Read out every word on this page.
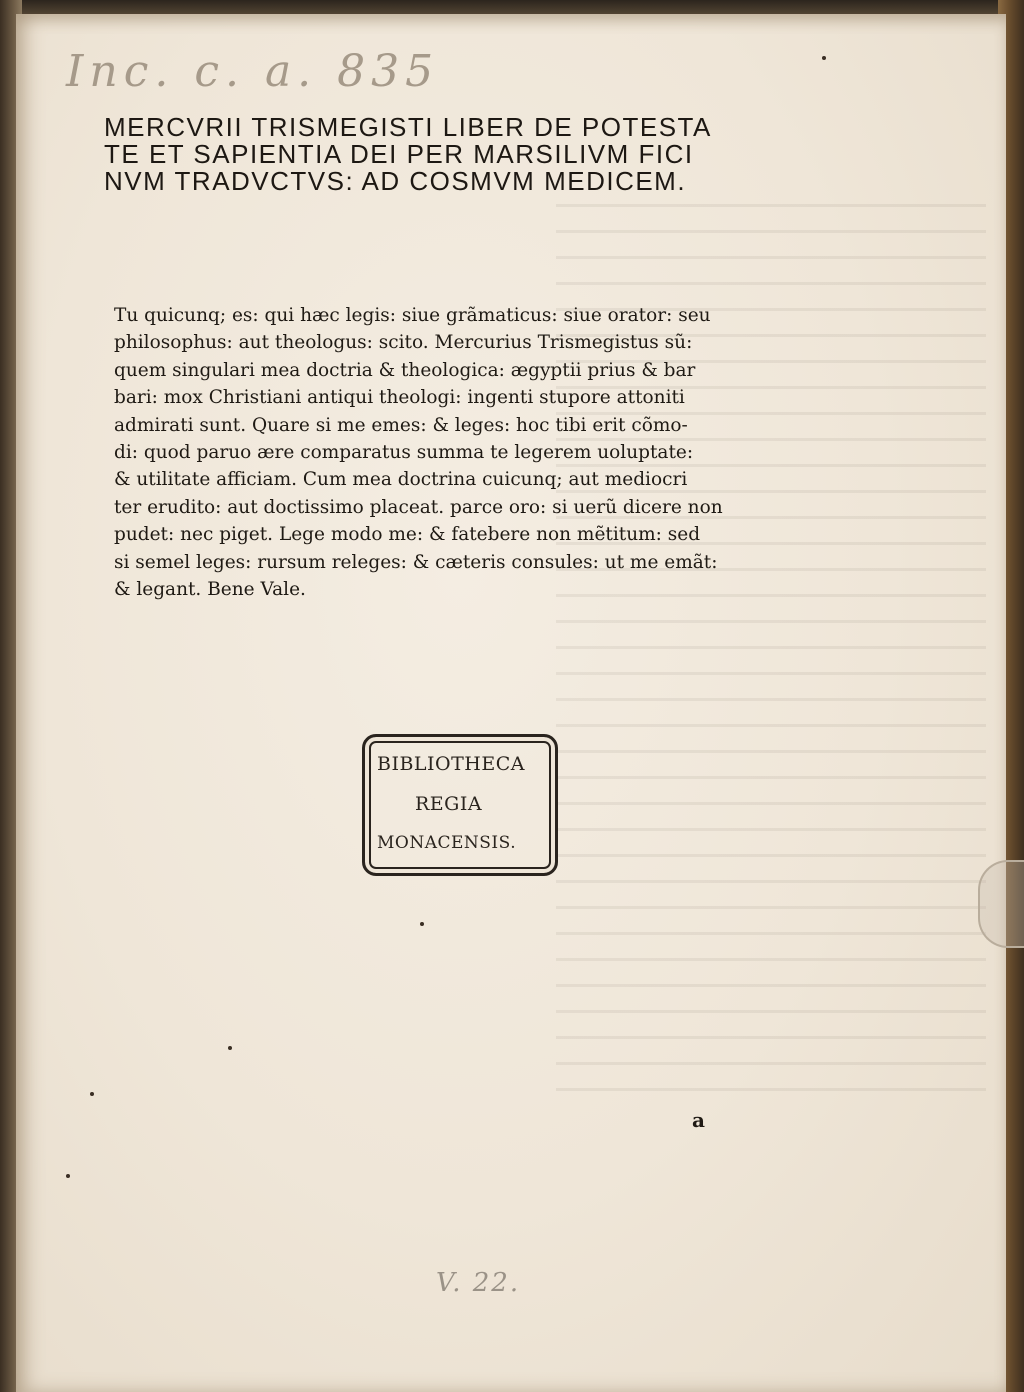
Inc. c. a. 835
MERCVRII TRISMEGISTI LIBER DE POTESTA
TE ET SAPIENTIA DEI PER MARSILIVM FICI
NVM TRADVCTVS: AD COSMVM MEDICEM.
Tu quicunq; es: qui hæc legis: siue grãmaticus: siue orator: seu
philosophus: aut theologus: scito. Mercurius Trismegistus sũ:
quem singulari mea doctria & theologica: ægyptii prius & bar
bari: mox Christiani antiqui theologi: ingenti stupore attoniti
admirati sunt. Quare si me emes: & leges: hoc tibi erit cõmo-
di: quod paruo ære comparatus summa te legerem uoluptate:
& utilitate afficiam. Cum mea doctrina cuicunq; aut mediocri
ter erudito: aut doctissimo placeat. parce oro: si uerũ dicere non
pudet: nec piget. Lege modo me: & fatebere non mẽtitum: sed
si semel leges: rursum releges: & cæteris consules: ut me emãt:
& legant. Bene Vale.
BIBLIOTHECA
REGIA
MONACENSIS.
a
V. 22.
